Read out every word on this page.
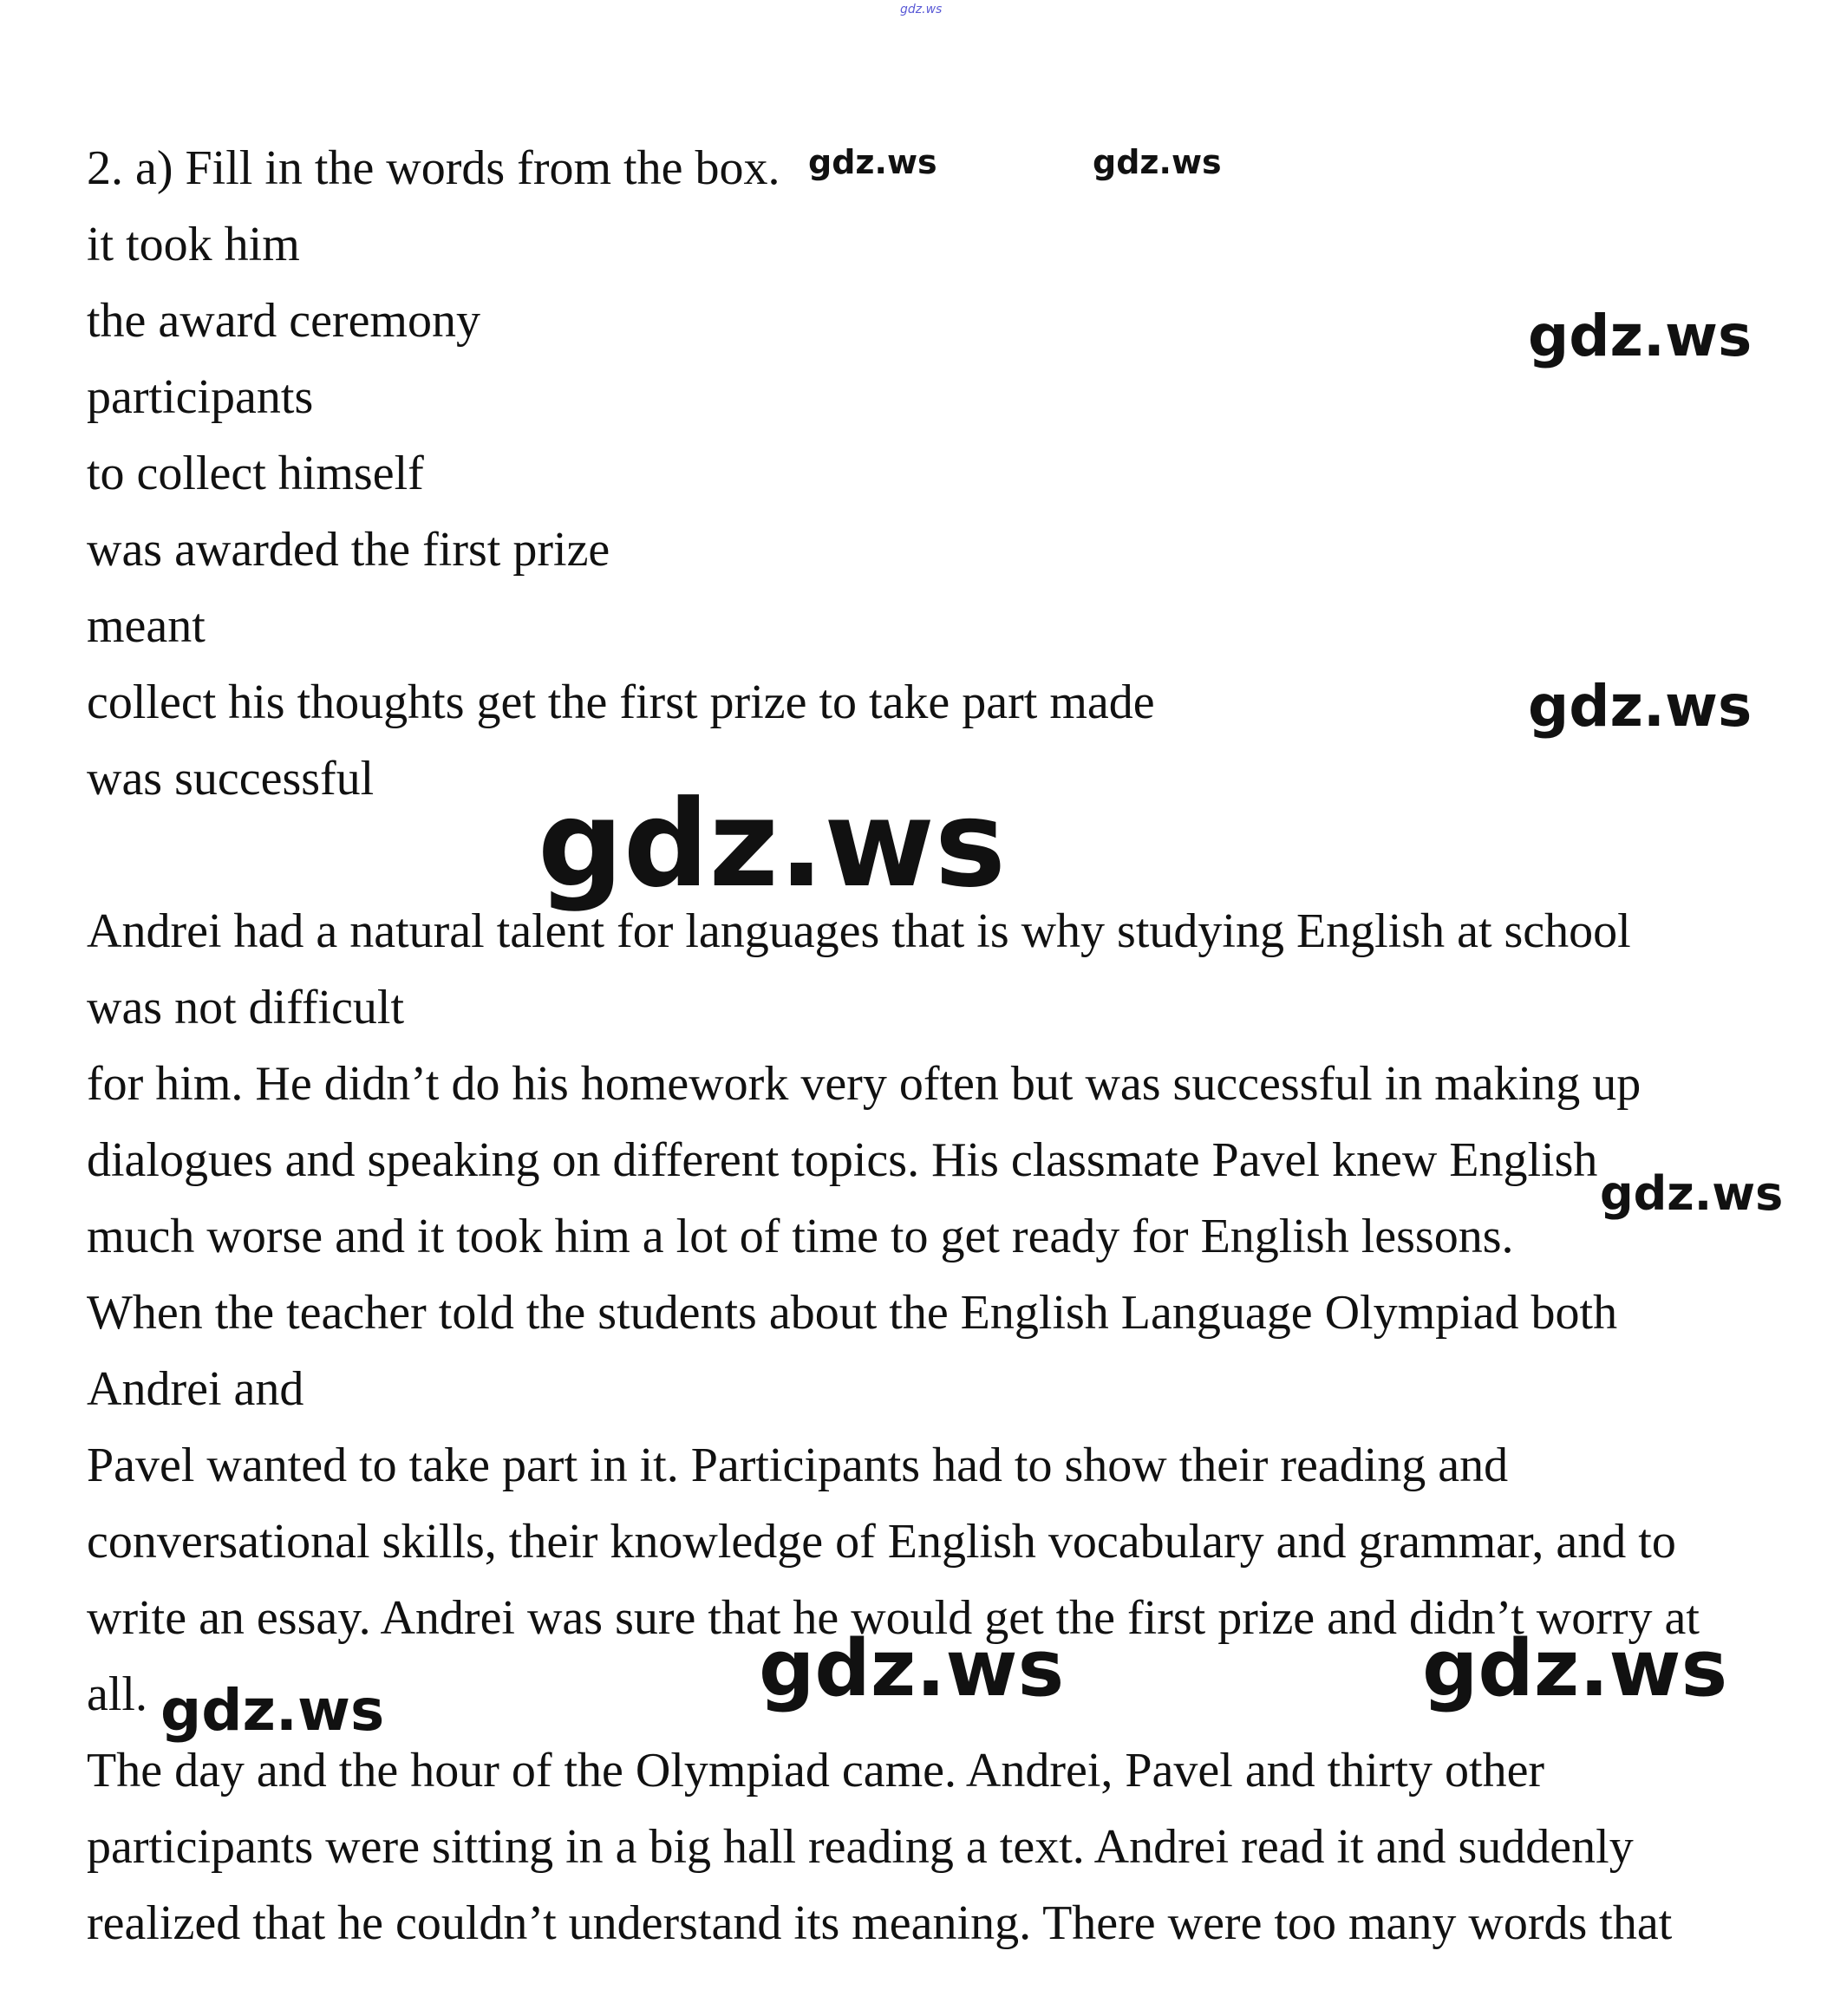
gdz.ws
2. a) Fill in the words from the box.
it took him
the award ceremony
participants
to collect himself
was awarded the first prize
meant
collect his thoughts get the first prize to take part made
was successful
Andrei had a natural talent for languages that is why studying English at school
was not difficult
for him. He didn’t do his homework very often but was successful in making up
dialogues and speaking on different topics. His classmate Pavel knew English
much worse and it took him a lot of time to get ready for English lessons.
When the teacher told the students about the English Language Olympiad both
Andrei and
Pavel wanted to take part in it. Participants had to show their reading and
conversational skills, their knowledge of English vocabulary and grammar, and to
write an essay. Andrei was sure that he would get the first prize and didn’t worry at
all.
The day and the hour of the Olympiad came. Andrei, Pavel and thirty other
participants were sitting in a big hall reading a text. Andrei read it and suddenly
realized that he couldn’t understand its meaning. There were too many words that
gdz.ws	gdz.ws
gdz.ws
gdz.ws
gdz.ws
gdz.ws
gdz.ws	gdz.ws
gdz.ws
